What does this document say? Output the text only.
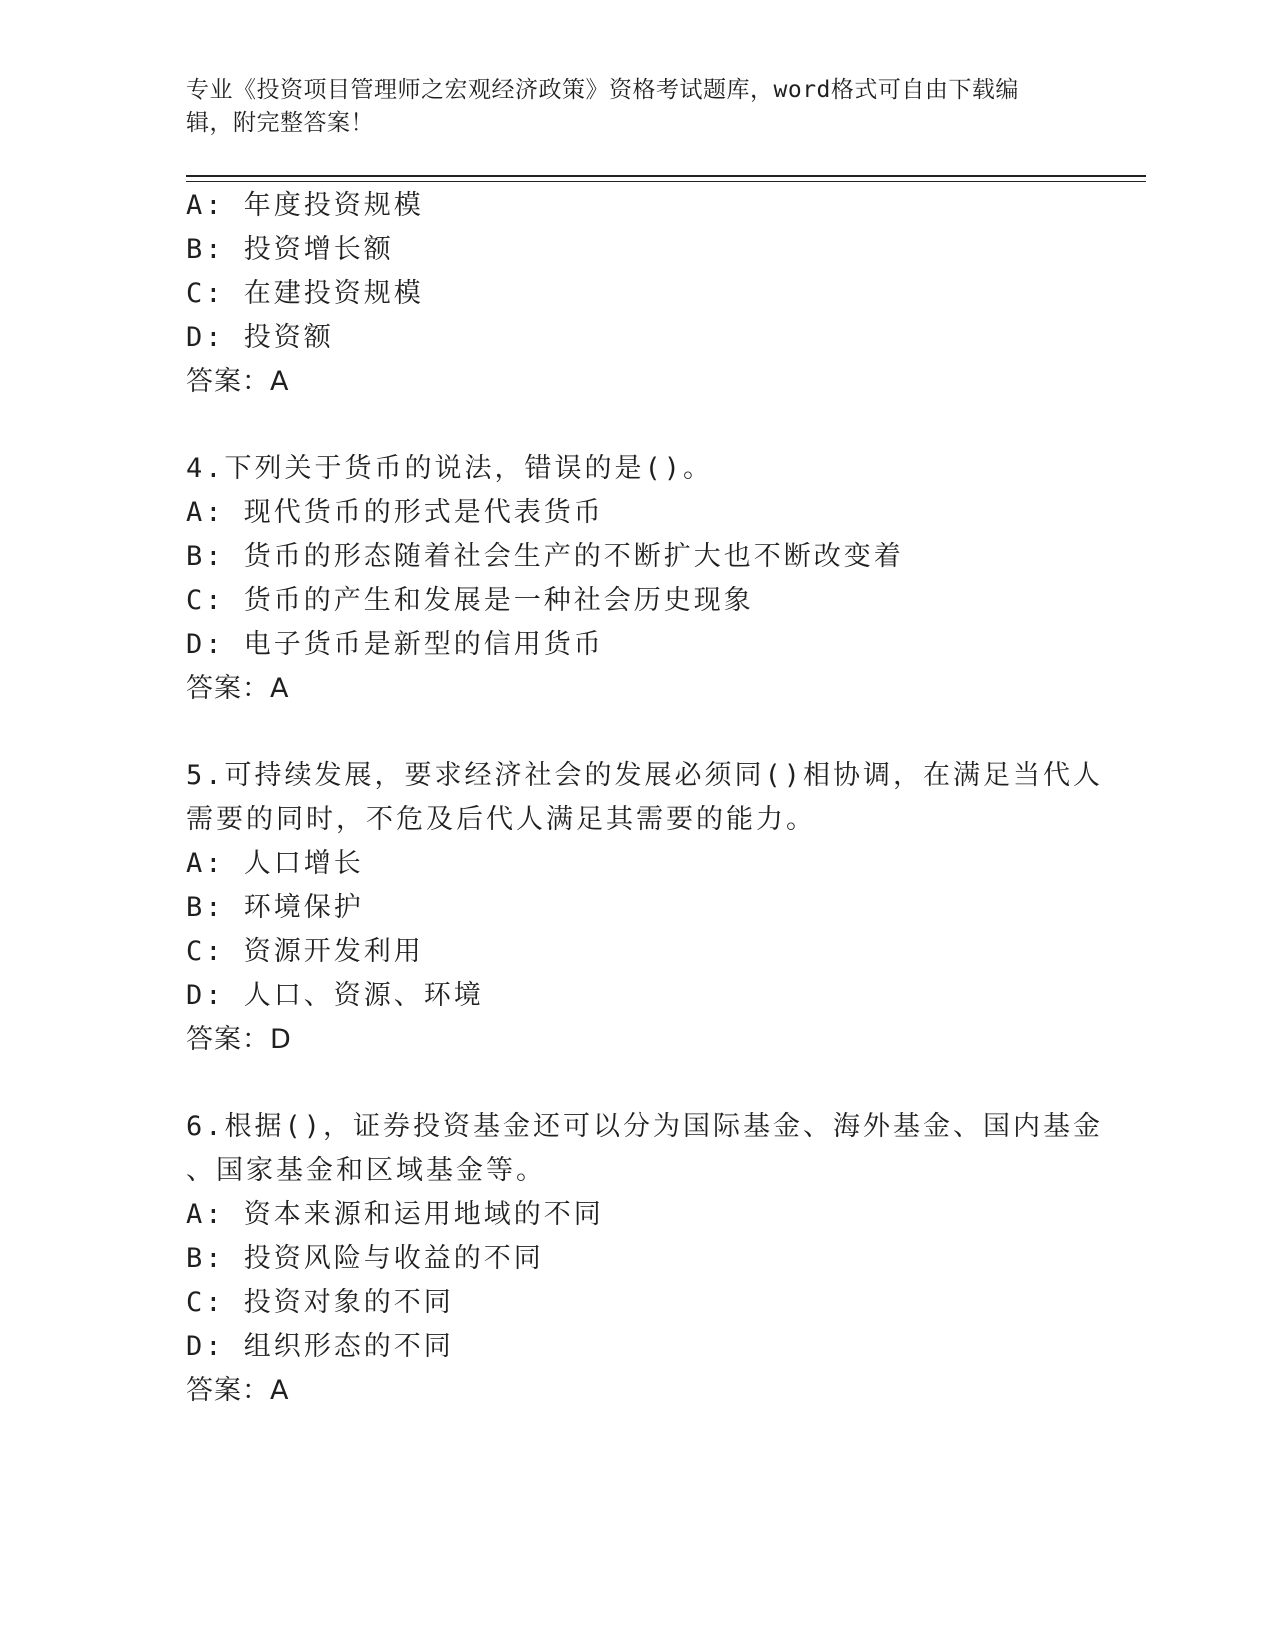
专业《投资项目管理师之宏观经济政策》资格考试题库，word格式可自由下载编
辑，附完整答案！
A: 年度投资规模
B: 投资增长额
C: 在建投资规模
D: 投资额
答案：A
4.下列关于货币的说法，错误的是()。
A: 现代货币的形式是代表货币
B: 货币的形态随着社会生产的不断扩大也不断改变着
C: 货币的产生和发展是一种社会历史现象
D: 电子货币是新型的信用货币
答案：A
5.可持续发展，要求经济社会的发展必须同()相协调，在满足当代人
需要的同时，不危及后代人满足其需要的能力。
A: 人口增长
B: 环境保护
C: 资源开发利用
D: 人口、资源、环境
答案：D
6.根据()，证券投资基金还可以分为国际基金、海外基金、国内基金
、国家基金和区域基金等。
A: 资本来源和运用地域的不同
B: 投资风险与收益的不同
C: 投资对象的不同
D: 组织形态的不同
答案：A
